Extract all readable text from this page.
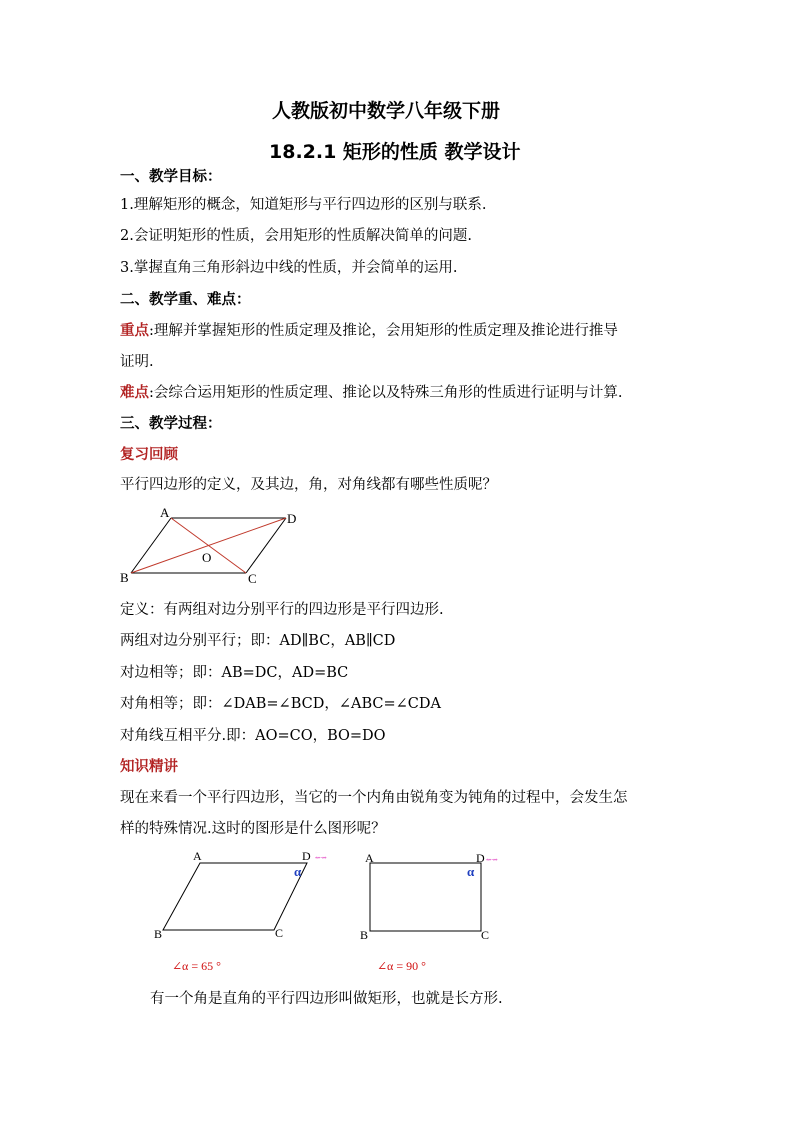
人教版初中数学八年级下册
18.2.1 矩形的性质 教学设计
一、教学目标：
1.理解矩形的概念，知道矩形与平行四边形的区别与联系.
2.会证明矩形的性质，会用矩形的性质解决简单的问题.
3.掌握直角三角形斜边中线的性质，并会简单的运用.
二、教学重、难点：
重点:理解并掌握矩形的性质定理及推论，会用矩形的性质定理及推论进行推导
证明.
难点:会综合运用矩形的性质定理、推论以及特殊三角形的性质进行证明与计算.
三、教学过程：
复习回顾
平行四边形的定义，及其边，角，对角线都有哪些性质呢？
A	D
B	C
O
定义：有两组对边分别平行的四边形是平行四边形.
两组对边分别平行；即：AD∥BC，AB∥CD
对边相等；即：AB=DC，AD=BC
对角相等；即：∠DAB=∠BCD，∠ABC=∠CDA
对角线互相平分.即：AO=CO，BO=DO
知识精讲
现在来看一个平行四边形，当它的一个内角由锐角变为钝角的过程中，会发生怎
样的特殊情况.这时的图形是什么图形呢？
A	D ⇜⇝
α
B	C
∠α = 65 °
A	D ⇜⇝
α
B	C
∠α = 90 °
有一个角是直角的平行四边形叫做矩形，也就是长方形.
